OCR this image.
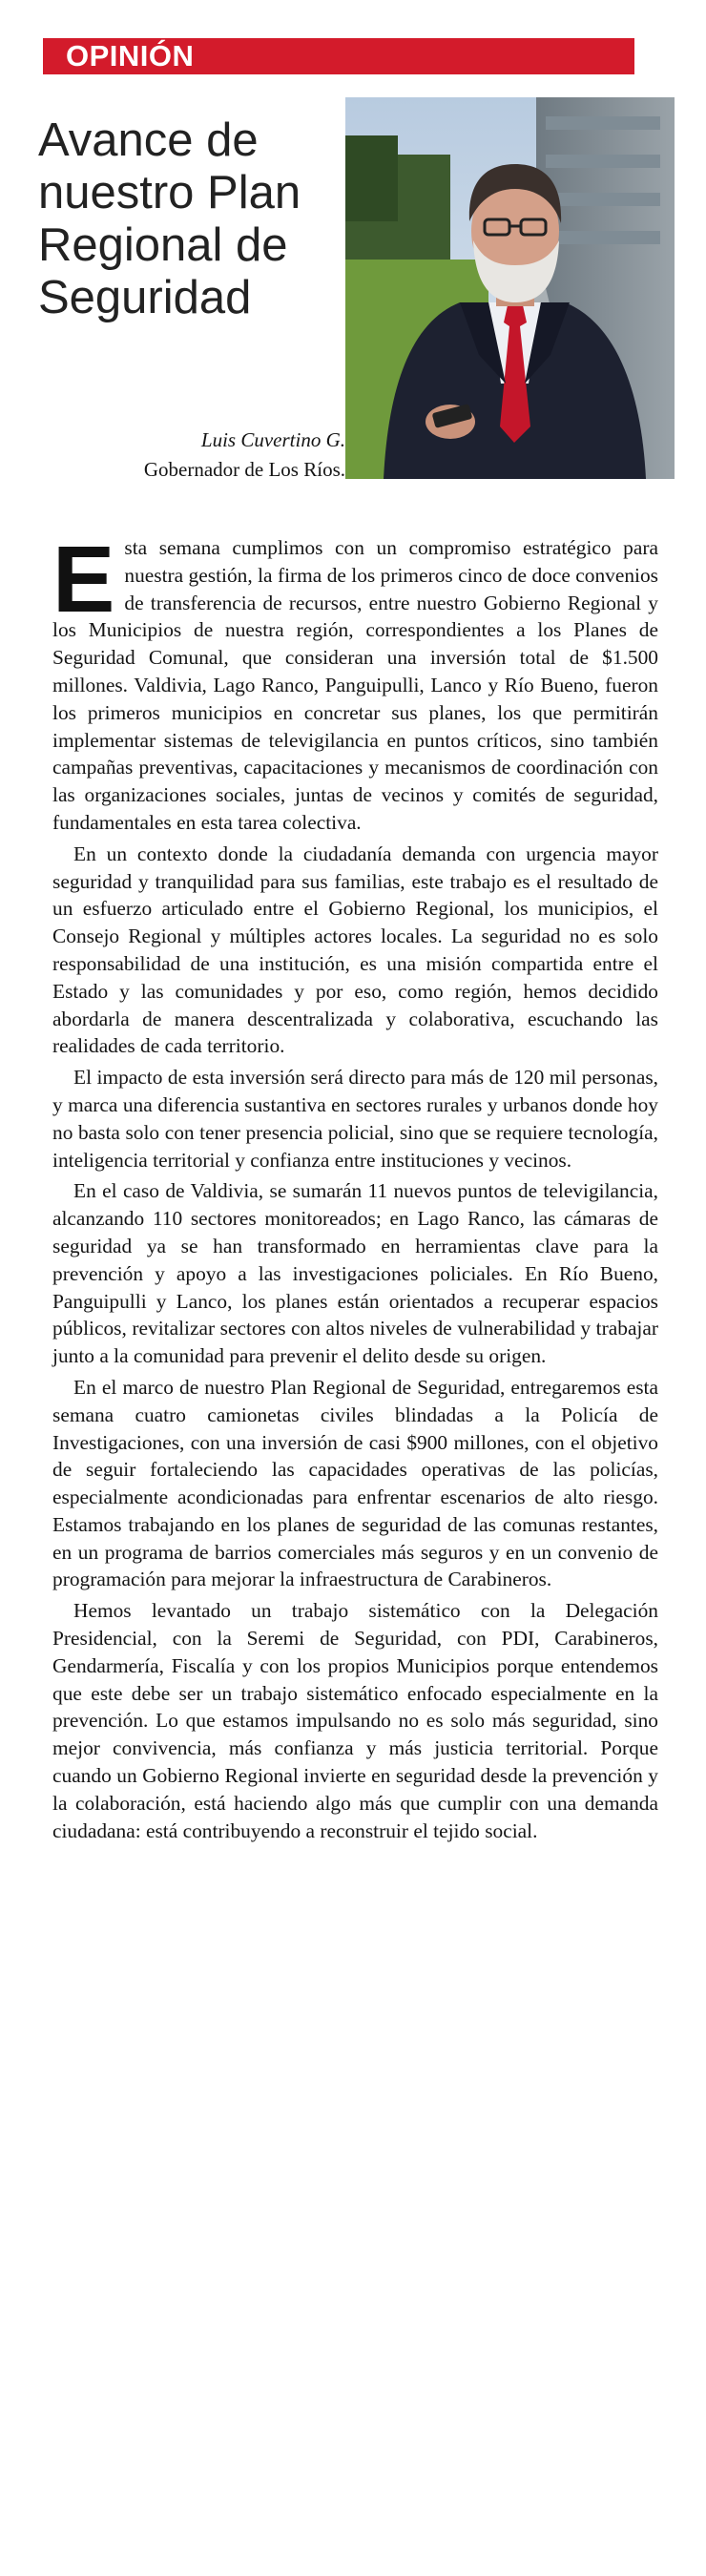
OPINIÓN
Avance de
nuestro Plan
Regional de
Seguridad
Luis Cuvertino G.
Gobernador de Los Ríos.

E sta semana cumplimos con un compromiso estratégico para nuestra gestión, la firma de los primeros cinco de doce convenios de transferencia de recursos, entre nuestro Gobierno Regional y los Municipios de nuestra región, correspondientes a los Planes de Seguridad Comunal, que consideran una inversión total de $1.500 millones. Valdivia, Lago Ranco, Panguipulli, Lanco y Río Bueno, fueron los primeros municipios en concretar sus planes, los que permitirán implementar sistemas de televigilancia en puntos críticos, sino también campañas preventivas, capacitaciones y mecanismos de coordinación con las organizaciones sociales, juntas de vecinos y comités de seguridad, fundamentales en esta tarea colectiva.

En un contexto donde la ciudadanía demanda con urgencia mayor seguridad y tranquilidad para sus familias, este trabajo es el resultado de un esfuerzo articulado entre el Gobierno Regional, los municipios, el Consejo Regional y múltiples actores locales. La seguridad no es solo responsabilidad de una institución, es una misión compartida entre el Estado y las comunidades y por eso, como región, hemos decidido abordarla de manera descentralizada y colaborativa, escuchando las realidades de cada territorio.

El impacto de esta inversión será directo para más de 120 mil personas, y marca una diferencia sustantiva en sectores rurales y urbanos donde hoy no basta solo con tener presencia policial, sino que se requiere tecnología, inteligencia territorial y confianza entre instituciones y vecinos.

En el caso de Valdivia, se sumarán 11 nuevos puntos de televigilancia, alcanzando 110 sectores monitoreados; en Lago Ranco, las cámaras de seguridad ya se han transformado en herramientas clave para la prevención y apoyo a las investigaciones policiales. En Río Bueno, Panguipulli y Lanco, los planes están orientados a recuperar espacios públicos, revitalizar sectores con altos niveles de vulnerabilidad y trabajar junto a la comunidad para prevenir el delito desde su origen.

En el marco de nuestro Plan Regional de Seguridad, entregaremos esta semana cuatro camionetas civiles blindadas a la Policía de Investigaciones, con una inversión de casi $900 millones, con el objetivo de seguir fortaleciendo las capacidades operativas de las policías, especialmente acondicionadas para enfrentar escenarios de alto riesgo. Estamos trabajando en los planes de seguridad de las comunas restantes, en un programa de barrios comerciales más seguros y en un convenio de programación para mejorar la infraestructura de Carabineros.

Hemos levantado un trabajo sistemático con la Delegación Presidencial, con la Seremi de Seguridad, con PDI, Carabineros, Gendarmería, Fiscalía y con los propios Municipios porque entendemos que este debe ser un trabajo sistemático enfocado especialmente en la prevención. Lo que estamos impulsando no es solo más seguridad, sino mejor convivencia, más confianza y más justicia territorial. Porque cuando un Gobierno Regional invierte en seguridad desde la prevención y la colaboración, está haciendo algo más que cumplir con una demanda ciudadana: está contribuyendo a reconstruir el tejido social.
